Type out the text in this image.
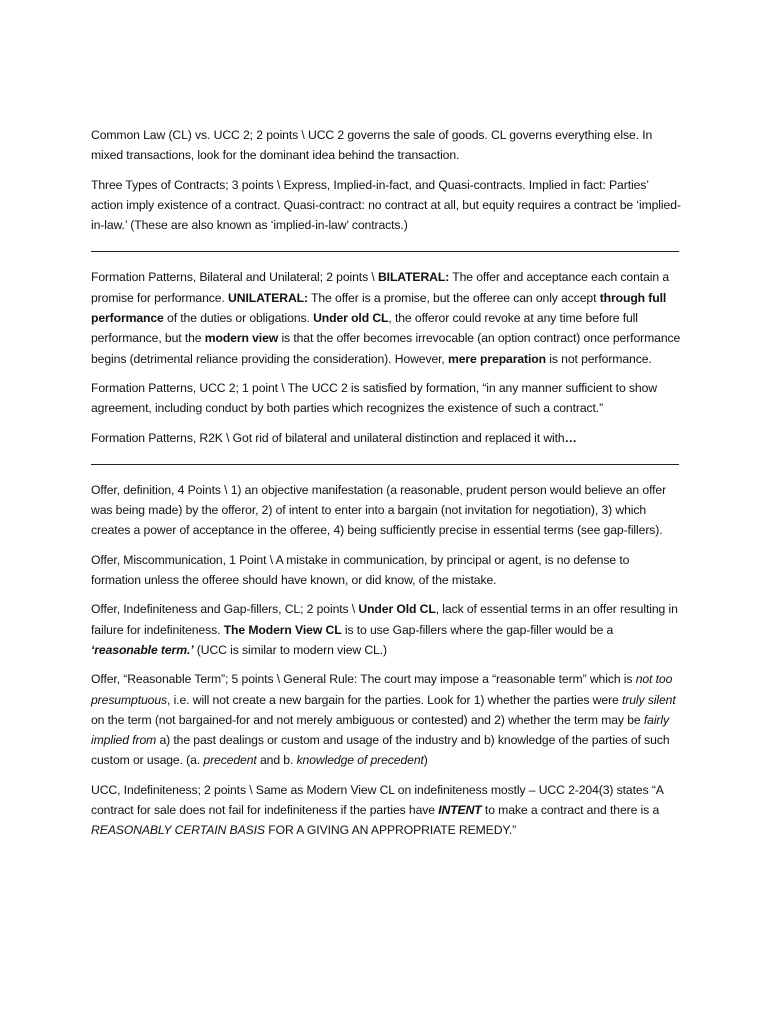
Common Law (CL) vs. UCC 2; 2 points \ UCC 2 governs the sale of goods. CL governs everything else. In mixed transactions, look for the dominant idea behind the transaction.

Three Types of Contracts; 3 points \ Express, Implied-in-fact, and Quasi-contracts. Implied in fact: Parties’ action imply existence of a contract. Quasi-contract: no contract at all, but equity requires a contract be ‘implied-in-law.’ (These are also known as ‘implied-in-law’ contracts.)

Formation Patterns, Bilateral and Unilateral; 2 points \ BILATERAL: The offer and acceptance each contain a promise for performance. UNILATERAL: The offer is a promise, but the offeree can only accept through full performance of the duties or obligations. Under old CL, the offeror could revoke at any time before full performance, but the modern view is that the offer becomes irrevocable (an option contract) once performance begins (detrimental reliance providing the consideration). However, mere preparation is not performance.

Formation Patterns, UCC 2; 1 point \ The UCC 2 is satisfied by formation, “in any manner sufficient to show agreement, including conduct by both parties which recognizes the existence of such a contract.”

Formation Patterns, R2K \ Got rid of bilateral and unilateral distinction and replaced it with…

Offer, definition, 4 Points \ 1) an objective manifestation (a reasonable, prudent person would believe an offer was being made) by the offeror, 2) of intent to enter into a bargain (not invitation for negotiation), 3) which creates a power of acceptance in the offeree, 4) being sufficiently precise in essential terms (see gap-fillers).

Offer, Miscommunication, 1 Point \ A mistake in communication, by principal or agent, is no defense to formation unless the offeree should have known, or did know, of the mistake.

Offer, Indefiniteness and Gap-fillers, CL; 2 points \ Under Old CL, lack of essential terms in an offer resulting in failure for indefiniteness. The Modern View CL is to use Gap-fillers where the gap-filler would be a ‘reasonable term.’ (UCC is similar to modern view CL.)

Offer, “Reasonable Term”; 5 points \ General Rule: The court may impose a “reasonable term” which is not too presumptuous, i.e. will not create a new bargain for the parties. Look for 1) whether the parties were truly silent on the term (not bargained-for and not merely ambiguous or contested) and 2) whether the term may be fairly implied from a) the past dealings or custom and usage of the industry and b) knowledge of the parties of such custom or usage. (a. precedent and b. knowledge of precedent)

UCC, Indefiniteness; 2 points \ Same as Modern View CL on indefiniteness mostly – UCC 2-204(3) states “A contract for sale does not fail for indefiniteness if the parties have INTENT to make a contract and there is a REASONABLY CERTAIN BASIS FOR A GIVING AN APPROPRIATE REMEDY.”
